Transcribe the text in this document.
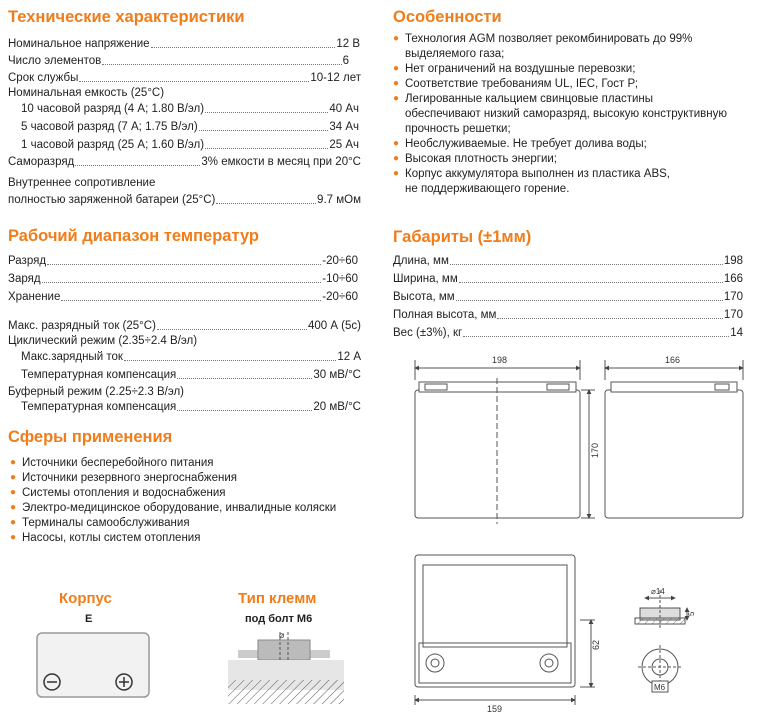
Технические характеристики
Номинальное напряжение	12 В
Число элементов	6
Срок службы	10-12 лет
Номинальная емкость (25°C)
10 часовой разряд (4 А; 1.80 В/эл)	40 Ач
5 часовой разряд (7 А; 1.75 В/эл)	34 Ач
1 часовой разряд (25 А; 1.60 В/эл)	25 Ач
Саморазряд	3% емкости в месяц при 20°C
Внутреннее сопротивление
полностью заряженной батареи (25°C)	9.7 мОм
Рабочий диапазон температур
Разряд	-20÷60
Заряд	-10÷60
Хранение	-20÷60
Макс. разрядный ток (25°C)	400 А (5с)
Циклический режим (2.35÷2.4 В/эл)
Макс.зарядный ток	12 А
Температурная компенсация	30 мВ/°C
Буферный режим (2.25÷2.3 В/эл)
Температурная компенсация	20 мВ/°C
Сферы применения
● Источники бесперебойного питания
● Источники резервного энергоснабжения
● Системы отопления и водоснабжения
● Электро-медицинское оборудование, инвалидные коляски
● Терминалы самообслуживания
● Насосы, котлы систем отопления
Корпус
E
Тип клемм
под болт М6
⌀
Особенности
● Технология AGM позволяет рекомбинировать до 99%
выделяемого газа;
● Нет ограничений на воздушные перевозки;
● Соответствие требованиям UL, IEC, Гост Р;
● Легированные кальцием свинцовые пластины
обеспечивают низкий саморазряд, высокую конструктивную
прочность решетки;
● Необслуживаемые. Не требует долива воды;
● Высокая плотность энергии;
● Корпус аккумулятора выполнен из пластика ABS,
не поддерживающего горение.
Габариты (±1мм)
Длина, мм	198
Ширина, мм	166
Высота, мм	170
Полная высота, мм	170
Вес (±3%), кг	14
198	166
170
159
62
⌀14
5
M6
